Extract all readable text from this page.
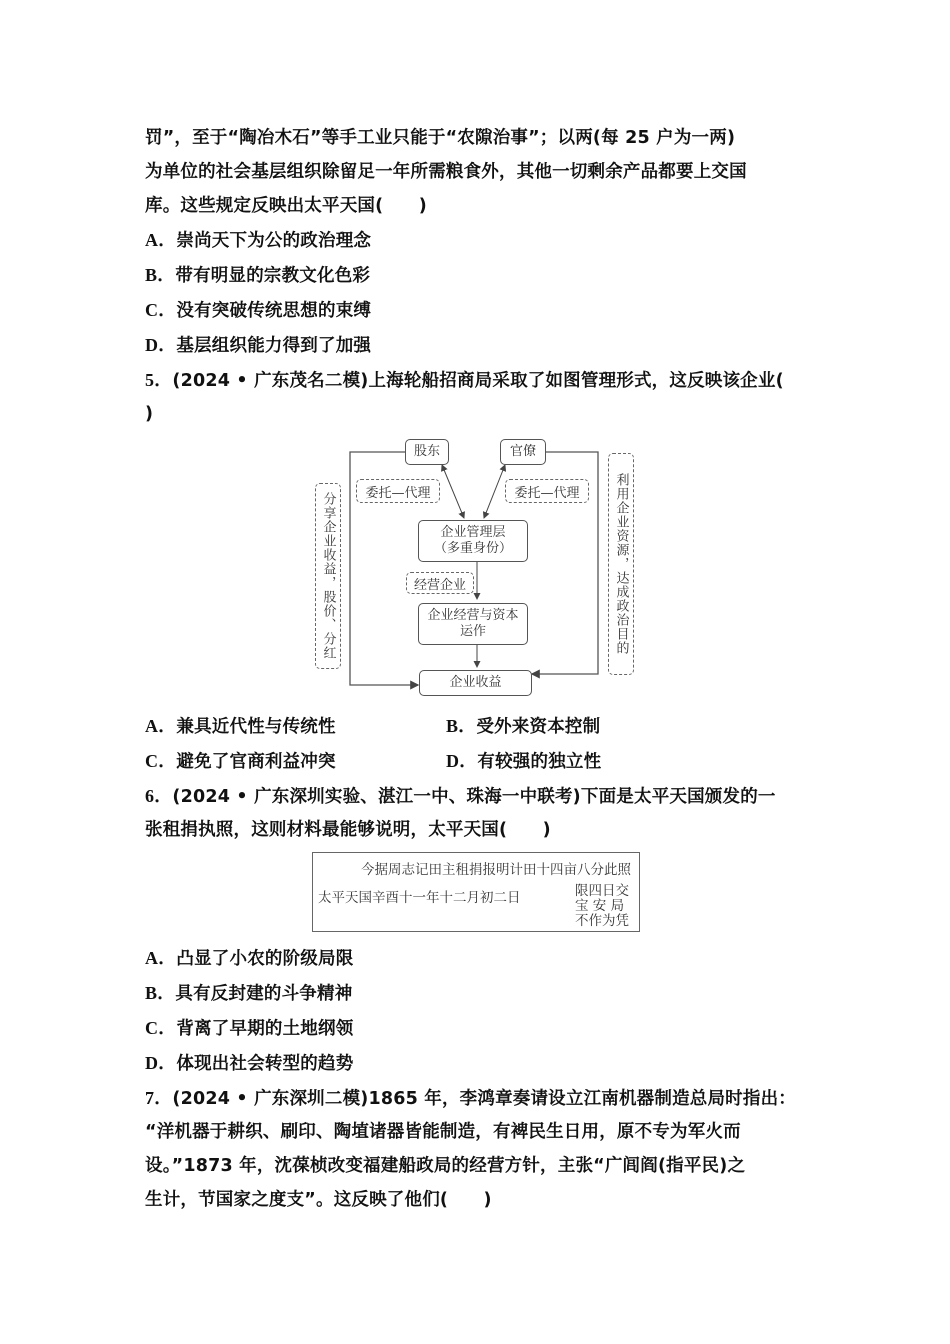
罚”，至于“陶冶木石”等手工业只能于“农隙治事”；以两(每 25 户为一两)
为单位的社会基层组织除留足一年所需粮食外，其他一切剩余产品都要上交国
库。这些规定反映出太平天国(　　)
A．崇尚天下为公的政治理念
B．带有明显的宗教文化色彩
C．没有突破传统思想的束缚
D．基层组织能力得到了加强
5．(2024 • 广东茂名二模)上海轮船招商局采取了如图管理形式，这反映该企业(
)
股东	官僚
委托—代理	委托—代理
企业管理层
（多重身份）
经营企业
企业经营与资本
运作
企业收益
分享企业收益，股价、分红	利用企业资源，达成政治目的
A．兼具近代性与传统性	B．受外来资本控制
C．避免了官商利益冲突	D．有较强的独立性
6．(2024 • 广东深圳实验、湛江一中、珠海一中联考)下面是太平天国颁发的一
张租捐执照，这则材料最能够说明，太平天国(　　)
今据周志记田主租捐报明计田十四亩八分此照
太平天国辛酉十一年十二月初二日	限四日交
宝 安 局
不作为凭
A．凸显了小农的阶级局限
B．具有反封建的斗争精神
C．背离了早期的土地纲领
D．体现出社会转型的趋势
7．(2024 • 广东深圳二模)1865 年，李鸿章奏请设立江南机器制造总局时指出：
“洋机器于耕织、刷印、陶埴诸器皆能制造，有裨民生日用，原不专为军火而
设。”1873 年，沈葆桢改变福建船政局的经营方针，主张“广闾阎(指平民)之
生计，节国家之度支”。这反映了他们(　　)
